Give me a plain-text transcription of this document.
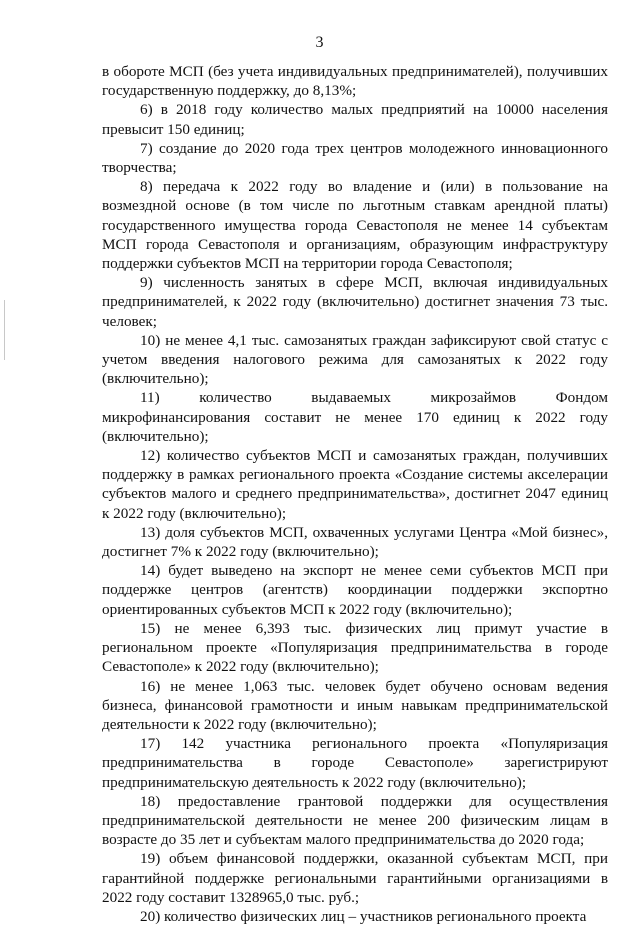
3

в обороте МСП (без учета индивидуальных предпринимателей), получивших государственную поддержку, до 8,13%;

6) в 2018 году количество малых предприятий на 10000 населения превысит 150 единиц;

7) создание до 2020 года трех центров молодежного инновационного творчества;

8) передача к 2022 году во владение и (или) в пользование на возмездной основе (в том числе по льготным ставкам арендной платы) государственного имущества города Севастополя не менее 14 субъектам МСП города Севастополя и организациям, образующим инфраструктуру поддержки субъектов МСП на территории города Севастополя;

9) численность занятых в сфере МСП, включая индивидуальных предпринимателей, к 2022 году (включительно) достигнет значения 73 тыс. человек;

10) не менее 4,1 тыс. самозанятых граждан зафиксируют свой статус с учетом введения налогового режима для самозанятых к 2022 году (включительно);

11) количество выдаваемых микрозаймов Фондом микрофинансирования составит не менее 170 единиц к 2022 году (включительно);

12) количество субъектов МСП и самозанятых граждан, получивших поддержку в рамках регионального проекта «Создание системы акселерации субъектов малого и среднего предпринимательства», достигнет 2047 единиц к 2022 году (включительно);

13) доля субъектов МСП, охваченных услугами Центра «Мой бизнес», достигнет 7% к 2022 году (включительно);

14) будет выведено на экспорт не менее семи субъектов МСП при поддержке центров (агентств) координации поддержки экспортно ориентированных субъектов МСП к 2022 году (включительно);

15) не менее 6,393 тыс. физических лиц примут участие в региональном проекте «Популяризация предпринимательства в городе Севастополе» к 2022 году (включительно);

16) не менее 1,063 тыс. человек будет обучено основам ведения бизнеса, финансовой грамотности и иным навыкам предпринимательской деятельности к 2022 году (включительно);

17) 142 участника регионального проекта «Популяризация предпринимательства в городе Севастополе» зарегистрируют предпринимательскую деятельность к 2022 году (включительно);

18) предоставление грантовой поддержки для осуществления предпринимательской деятельности не менее 200 физическим лицам в возрасте до 35 лет и субъектам малого предпринимательства до 2020 года;

19) объем финансовой поддержки, оказанной субъектам МСП, при гарантийной поддержке региональными гарантийными организациями в 2022 году составит 1328965,0 тыс. руб.;

20) количество физических лиц – участников регионального проекта
